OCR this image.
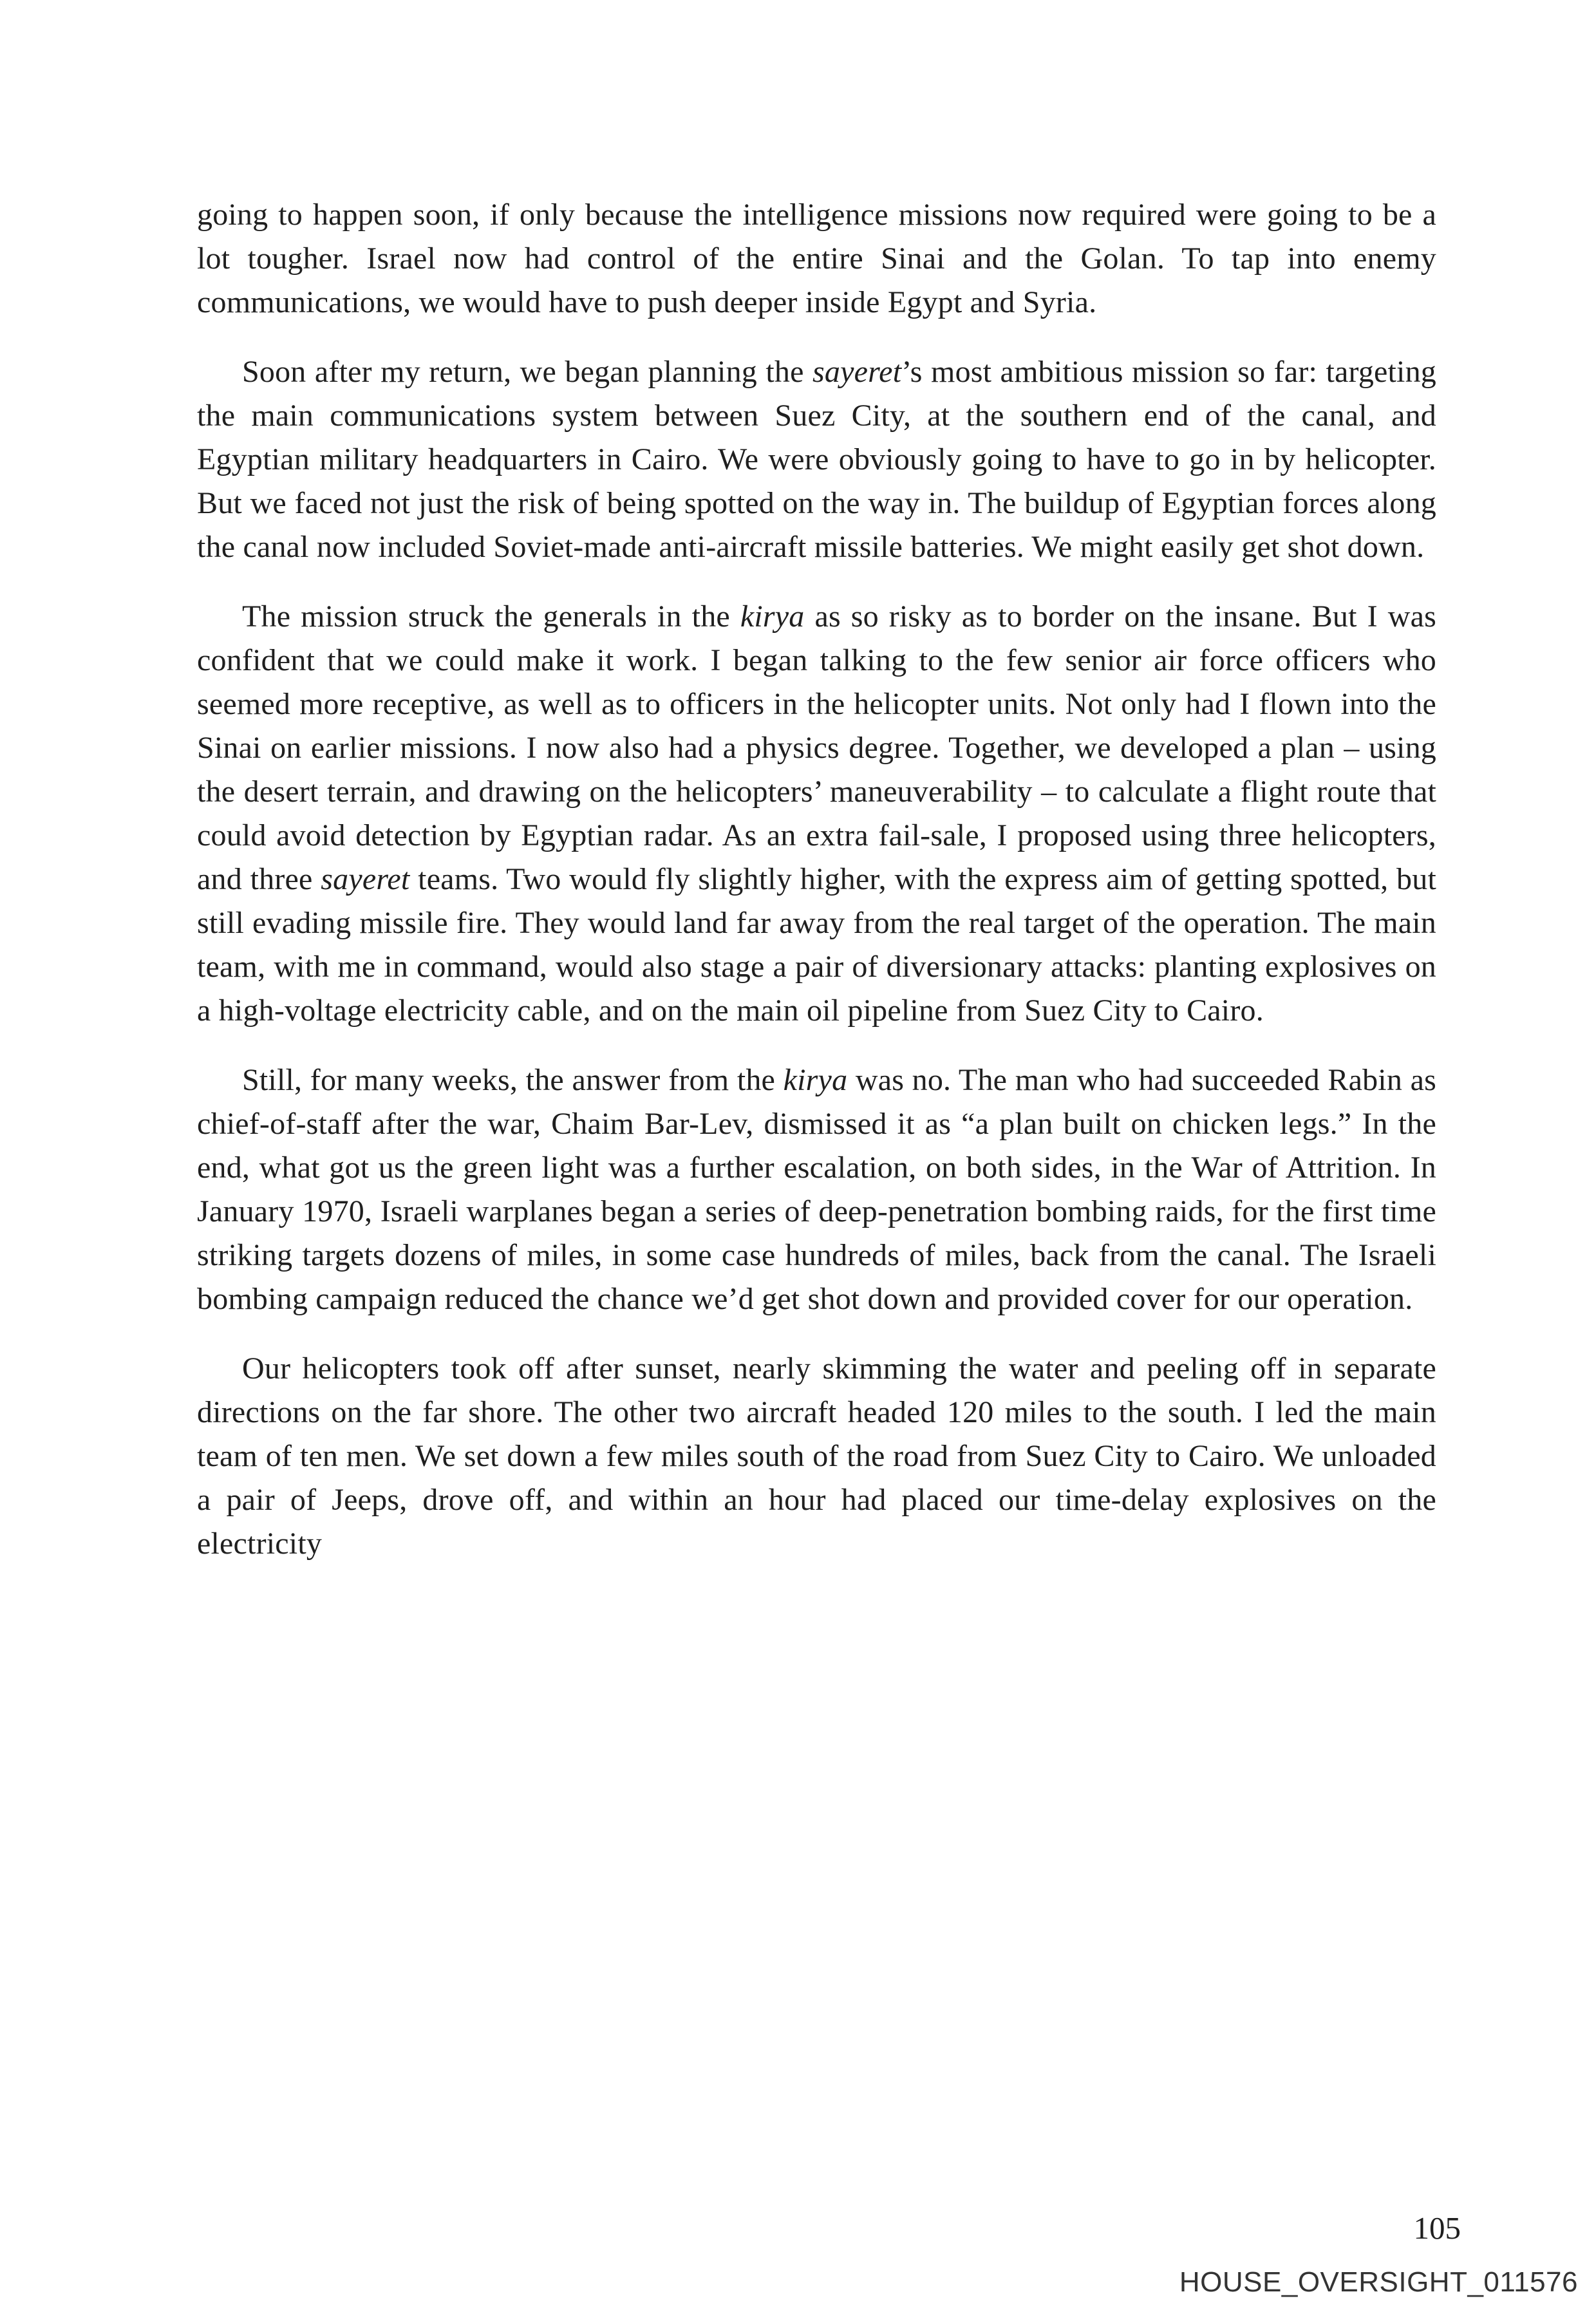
going to happen soon, if only because the intelligence missions now required were going to be a lot tougher. Israel now had control of the entire Sinai and the Golan. To tap into enemy communications, we would have to push deeper inside Egypt and Syria.

Soon after my return, we began planning the sayeret’s most ambitious mission so far: targeting the main communications system between Suez City, at the southern end of the canal, and Egyptian military headquarters in Cairo. We were obviously going to have to go in by helicopter. But we faced not just the risk of being spotted on the way in. The buildup of Egyptian forces along the canal now included Soviet-made anti-aircraft missile batteries. We might easily get shot down.

The mission struck the generals in the kirya as so risky as to border on the insane. But I was confident that we could make it work. I began talking to the few senior air force officers who seemed more receptive, as well as to officers in the helicopter units. Not only had I flown into the Sinai on earlier missions. I now also had a physics degree. Together, we developed a plan – using the desert terrain, and drawing on the helicopters’ maneuverability – to calculate a flight route that could avoid detection by Egyptian radar. As an extra fail-sale, I proposed using three helicopters, and three sayeret teams. Two would fly slightly higher, with the express aim of getting spotted, but still evading missile fire. They would land far away from the real target of the operation. The main team, with me in command, would also stage a pair of diversionary attacks: planting explosives on a high-voltage electricity cable, and on the main oil pipeline from Suez City to Cairo.

Still, for many weeks, the answer from the kirya was no. The man who had succeeded Rabin as chief-of-staff after the war, Chaim Bar-Lev, dismissed it as “a plan built on chicken legs.” In the end, what got us the green light was a further escalation, on both sides, in the War of Attrition. In January 1970, Israeli warplanes began a series of deep-penetration bombing raids, for the first time striking targets dozens of miles, in some case hundreds of miles, back from the canal. The Israeli bombing campaign reduced the chance we’d get shot down and provided cover for our operation.

Our helicopters took off after sunset, nearly skimming the water and peeling off in separate directions on the far shore. The other two aircraft headed 120 miles to the south. I led the main team of ten men. We set down a few miles south of the road from Suez City to Cairo. We unloaded a pair of Jeeps, drove off, and within an hour had placed our time-delay explosives on the electricity

105
HOUSE_OVERSIGHT_011576
